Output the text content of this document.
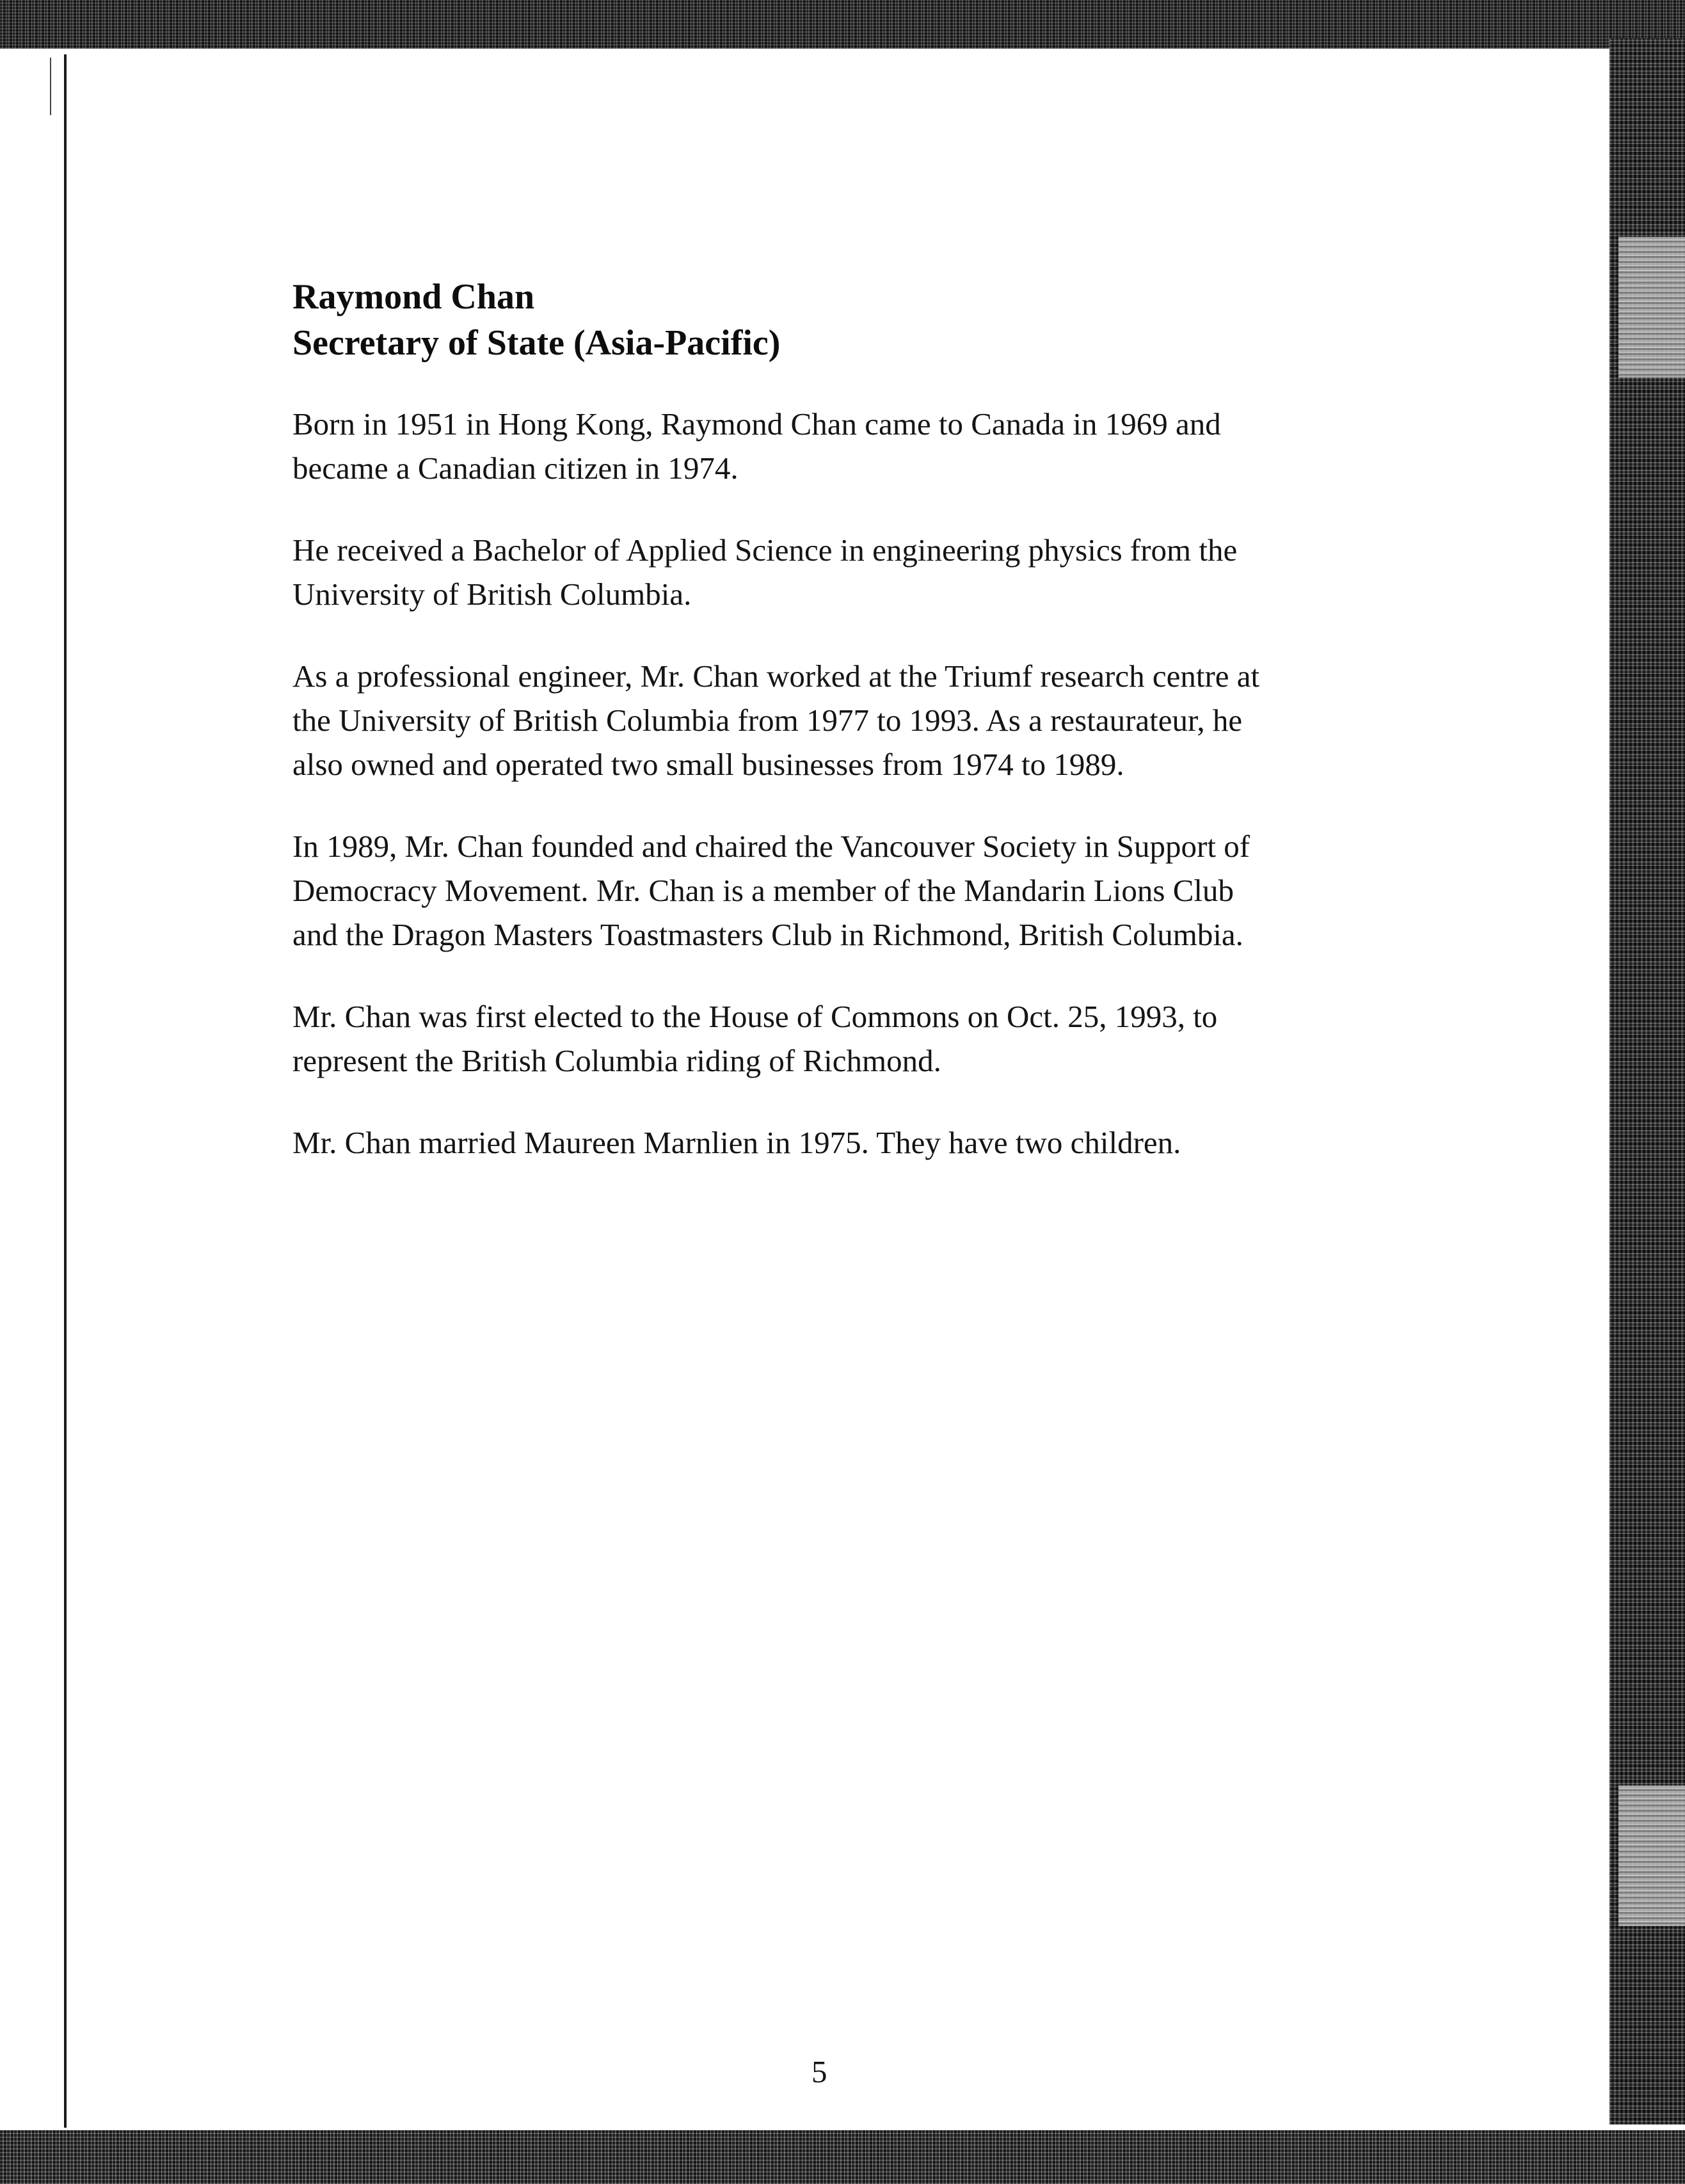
Raymond Chan
Secretary of State (Asia-Pacific)

Born in 1951 in Hong Kong, Raymond Chan came to Canada in 1969 and
became a Canadian citizen in 1974.

He received a Bachelor of Applied Science in engineering physics from the
University of British Columbia.

As a professional engineer, Mr. Chan worked at the Triumf research centre at
the University of British Columbia from 1977 to 1993. As a restaurateur, he
also owned and operated two small businesses from 1974 to 1989.

In 1989, Mr. Chan founded and chaired the Vancouver Society in Support of
Democracy Movement. Mr. Chan is a member of the Mandarin Lions Club
and the Dragon Masters Toastmasters Club in Richmond, British Columbia.

Mr. Chan was first elected to the House of Commons on Oct. 25, 1993, to
represent the British Columbia riding of Richmond.

Mr. Chan married Maureen Marnlien in 1975. They have two children.

5
